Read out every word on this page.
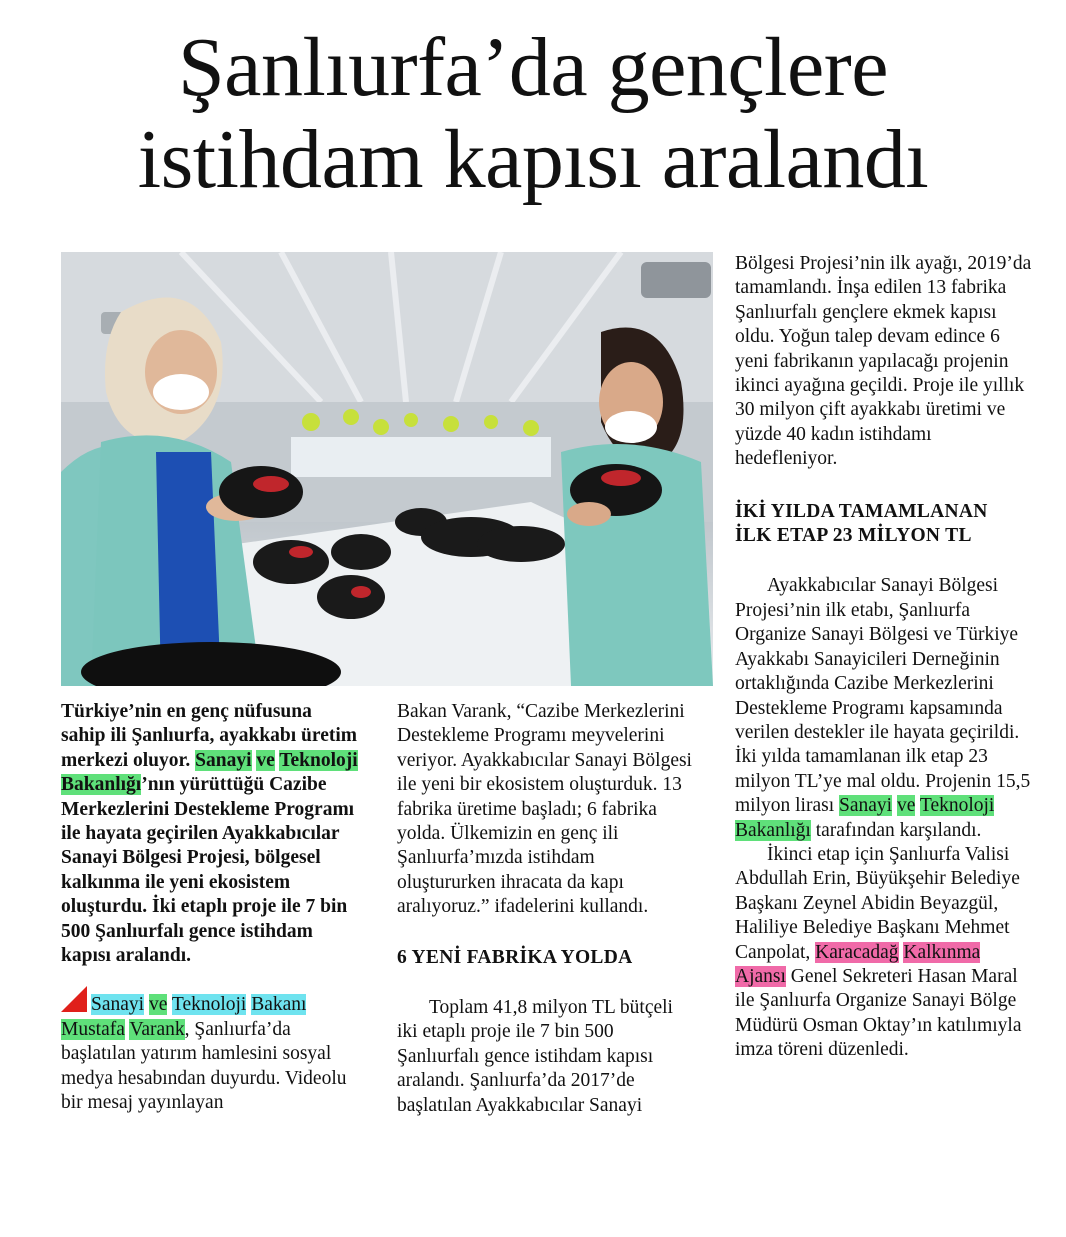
Şanlıurfa’da gençlere
istihdam kapısı aralandı

Türkiye’nin en genç nüfusuna sahip ili Şanlıurfa, ayakkabı üretim merkezi oluyor. Sanayi ve Teknoloji Bakanlığı’nın yürüttüğü Cazibe Merkezlerini Destekleme Programı ile hayata geçirilen Ayakkabıcılar Sanayi Bölgesi Projesi, bölgesel kalkınma ile yeni ekosistem oluşturdu. İki etaplı proje ile 7 bin 500 Şanlıurfalı gence istihdam kapısı aralandı.

Sanayi ve Teknoloji Bakanı Mustafa Varank, Şanlıurfa’da başlatılan yatırım hamlesini sosyal medya hesabından duyurdu. Videolu bir mesaj yayınlayan

Bakan Varank, “Cazibe Merkezlerini Destekleme Programı meyvelerini veriyor. Ayakkabıcılar Sanayi Bölgesi ile yeni bir ekosistem oluşturduk. 13 fabrika üretime başladı; 6 fabrika yolda. Ülkemizin en genç ili Şanlıurfa’mızda istihdam oluştururken ihracata da kapı aralıyoruz.” ifadelerini kullandı.

6 YENİ FABRİKA YOLDA

Toplam 41,8 milyon TL bütçeli iki etaplı proje ile 7 bin 500 Şanlıurfalı gence istihdam kapısı aralandı. Şanlıurfa’da 2017’de başlatılan Ayakkabıcılar Sanayi

Bölgesi Projesi’nin ilk ayağı, 2019’da tamamlandı. İnşa edilen 13 fabrika Şanlıurfalı gençlere ekmek kapısı oldu. Yoğun talep devam edince 6 yeni fabrikanın yapılacağı projenin ikinci ayağına geçildi. Proje ile yıllık 30 milyon çift ayakkabı üretimi ve yüzde 40 kadın istihdamı hedefleniyor.

İKİ YILDA TAMAMLANAN İLK ETAP 23 MİLYON TL

Ayakkabıcılar Sanayi Bölgesi Projesi’nin ilk etabı, Şanlıurfa Organize Sanayi Bölgesi ve Türkiye Ayakkabı Sanayicileri Derneğinin ortaklığında Cazibe Merkezlerini Destekleme Programı kapsamında verilen destekler ile hayata geçirildi. İki yılda tamamlanan ilk etap 23 milyon TL’ye mal oldu. Projenin 15,5 milyon lirası Sanayi ve Teknoloji Bakanlığı tarafından karşılandı.

İkinci etap için Şanlıurfa Valisi Abdullah Erin, Büyükşehir Belediye Başkanı Zeynel Abidin Beyazgül, Haliliye Belediye Başkanı Mehmet Canpolat, Karacadağ Kalkınma Ajansı Genel Sekreteri Hasan Maral ile Şanlıurfa Organize Sanayi Bölge Müdürü Osman Oktay’ın katılımıyla imza töreni düzenledi.
